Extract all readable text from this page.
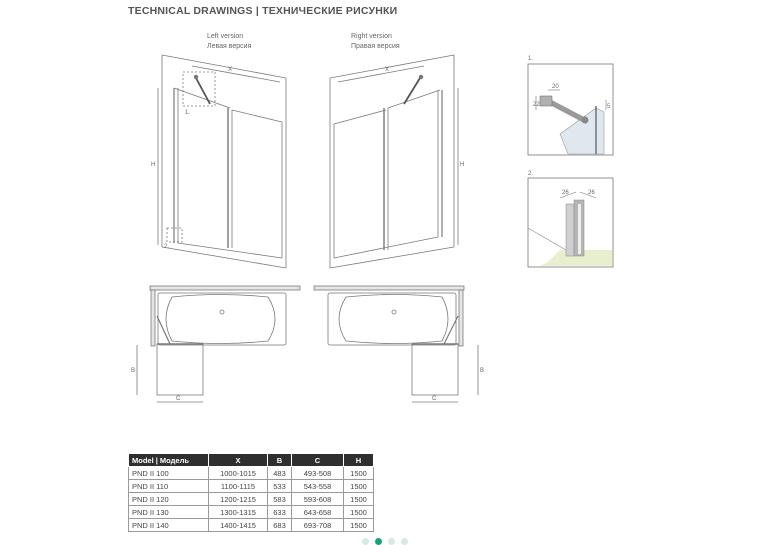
TECHNICAL DRAWINGS | ТЕХНИЧЕСКИЕ РИСУНКИ
Left version
Левая версия
X
H
1.
2.
Right version
Правая версия
X
H
B
C
B
C
1.
20
22	5
2.
26	26
Model | Модель	X	B	C	H
PND II 100	1000-1015	483	493-508	1500
PND II 110	1100-1115	533	543-558	1500
PND II 120	1200-1215	583	593-608	1500
PND II 130	1300-1315	633	643-658	1500
PND II 140	1400-1415	683	693-708	1500
